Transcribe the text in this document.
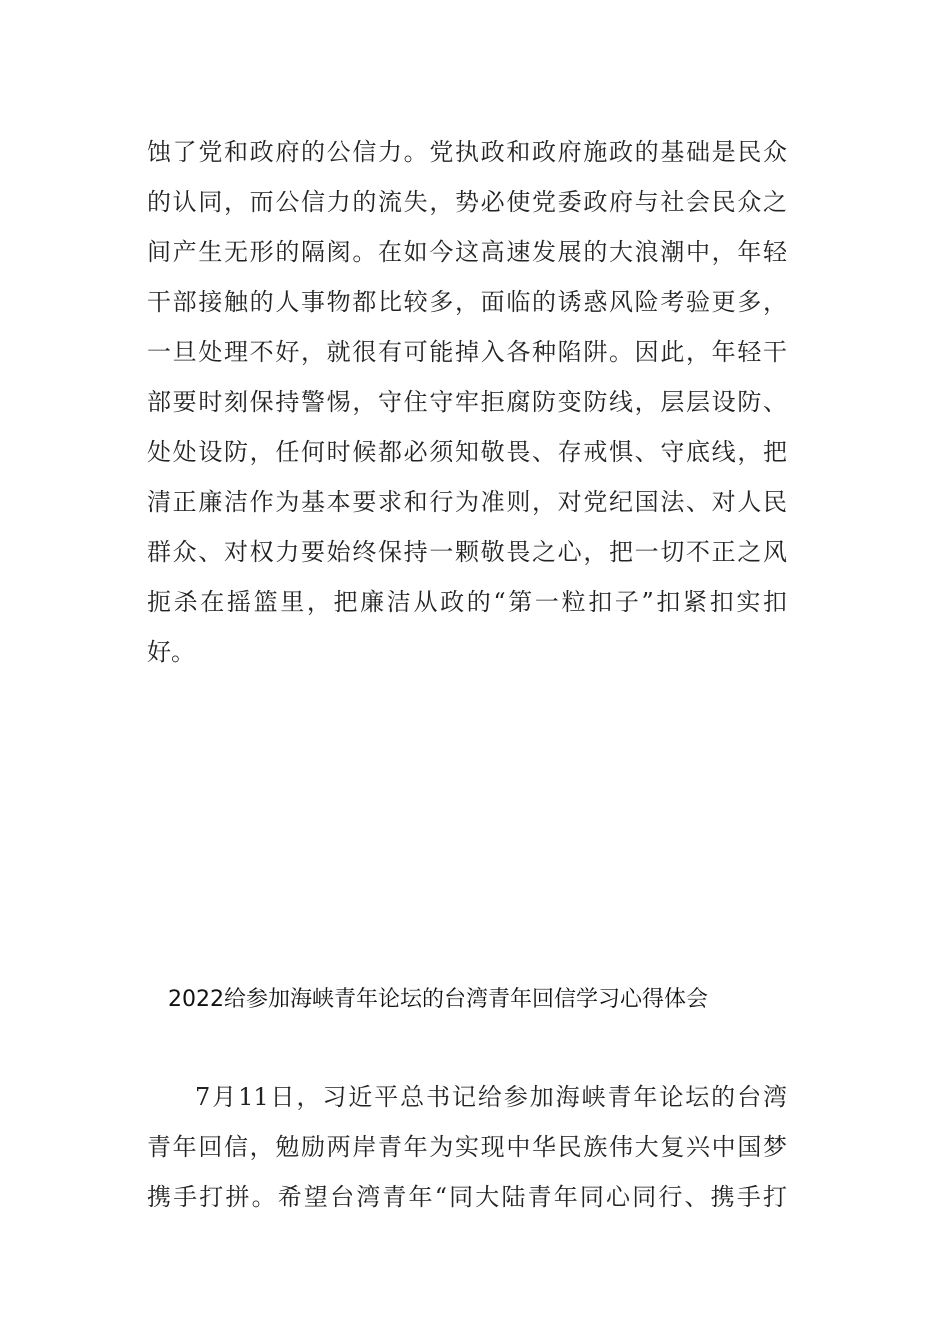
蚀了党和政府的公信力。党执政和政府施政的基础是民众
的认同，而公信力的流失，势必使党委政府与社会民众之
间产生无形的隔阂。在如今这高速发展的大浪潮中，年轻
干部接触的人事物都比较多，面临的诱惑风险考验更多，
一旦处理不好，就很有可能掉入各种陷阱。因此，年轻干
部要时刻保持警惕，守住守牢拒腐防变防线，层层设防、
处处设防，任何时候都必须知敬畏、存戒惧、守底线，把
清正廉洁作为基本要求和行为准则，对党纪国法、对人民
群众、对权力要始终保持一颗敬畏之心，把一切不正之风
扼杀在摇篮里，把廉洁从政的“第一粒扣子”扣紧扣实扣
好。
2022给参加海峡青年论坛的台湾青年回信学习心得体会
7月11日，习近平总书记给参加海峡青年论坛的台湾
青年回信，勉励两岸青年为实现中华民族伟大复兴中国梦
携手打拼。希望台湾青年“同大陆青年同心同行、携手打
